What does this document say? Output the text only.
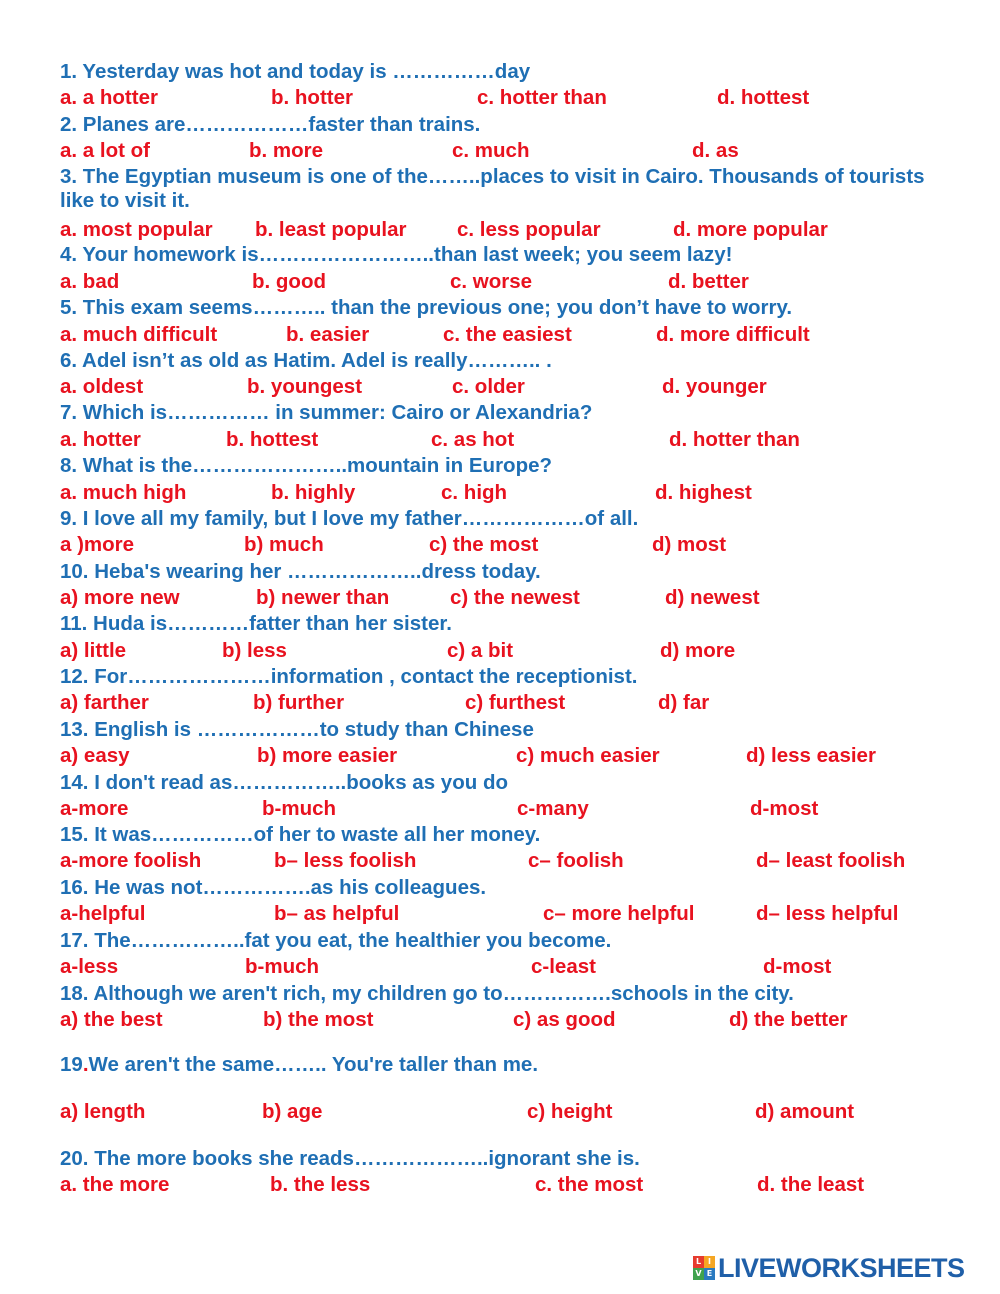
1. Yesterday was hot and today is ……………day
a. a hotter	b. hotter	c. hotter than	d. hottest
2. Planes are………………faster than trains.
a. a lot of	b. more	c. much	d. as
3. The Egyptian museum is one of the……..places to visit in Cairo. Thousands of tourists like to visit it.
a. most popular b. least popular c. less popular	d. more popular
4. Your homework is……………………..than last week; you seem lazy!
a. bad	b. good	c. worse	d. better
5. This exam seems……….. than the previous one; you don’t have to worry.
a. much difficult	b. easier	c. the easiest	d. more difficult
6. Adel isn’t as old as Hatim. Adel is really……….. .
a. oldest	b. youngest	c. older	d. younger
7. Which is…………… in summer: Cairo or Alexandria?
a. hotter	b. hottest	c. as hot	d. hotter than
8. What is the…………………..mountain in Europe?
a. much high	b. highly	c. high	d. highest
9. I love all my family, but I love my father………………of all.
a )more	b) much	c) the most	d) most
10. Heba's wearing her ………………..dress today.
a) more new	b) newer than	c) the newest	d) newest
11. Huda is…………fatter than her sister.
a) little	b) less	c) a bit	d) more
12. For…………………information , contact the receptionist.
a) farther	b) further	c) furthest	d) far
13. English is ………………to study than Chinese
a) easy	b) more easier	c) much easier	d) less easier
14. I don't read as……………..books as you do
a-more	b-much	c-many	d-most
15. It was……………of her to waste all her money.
a-more foolish	b– less foolish	c– foolish	d– least foolish
16. He was not…………….as his colleagues.
a-helpful	b– as helpful	c– more helpful	d– less helpful
17. The……………..fat you eat, the healthier you become.
a-less	b-much	c-least	d-most
18. Although we aren't rich, my children go to…………….schools in the city.
a) the best	b) the most	c) as good	d) the better
19.We aren't the same…….. You're taller than me.
a) length	b) age	c) height	d) amount
20. The more books she reads………………..ignorant she is.
a. the more	b. the less	c. the most	d. the least
L I
V E LIVEWORKSHEETS
